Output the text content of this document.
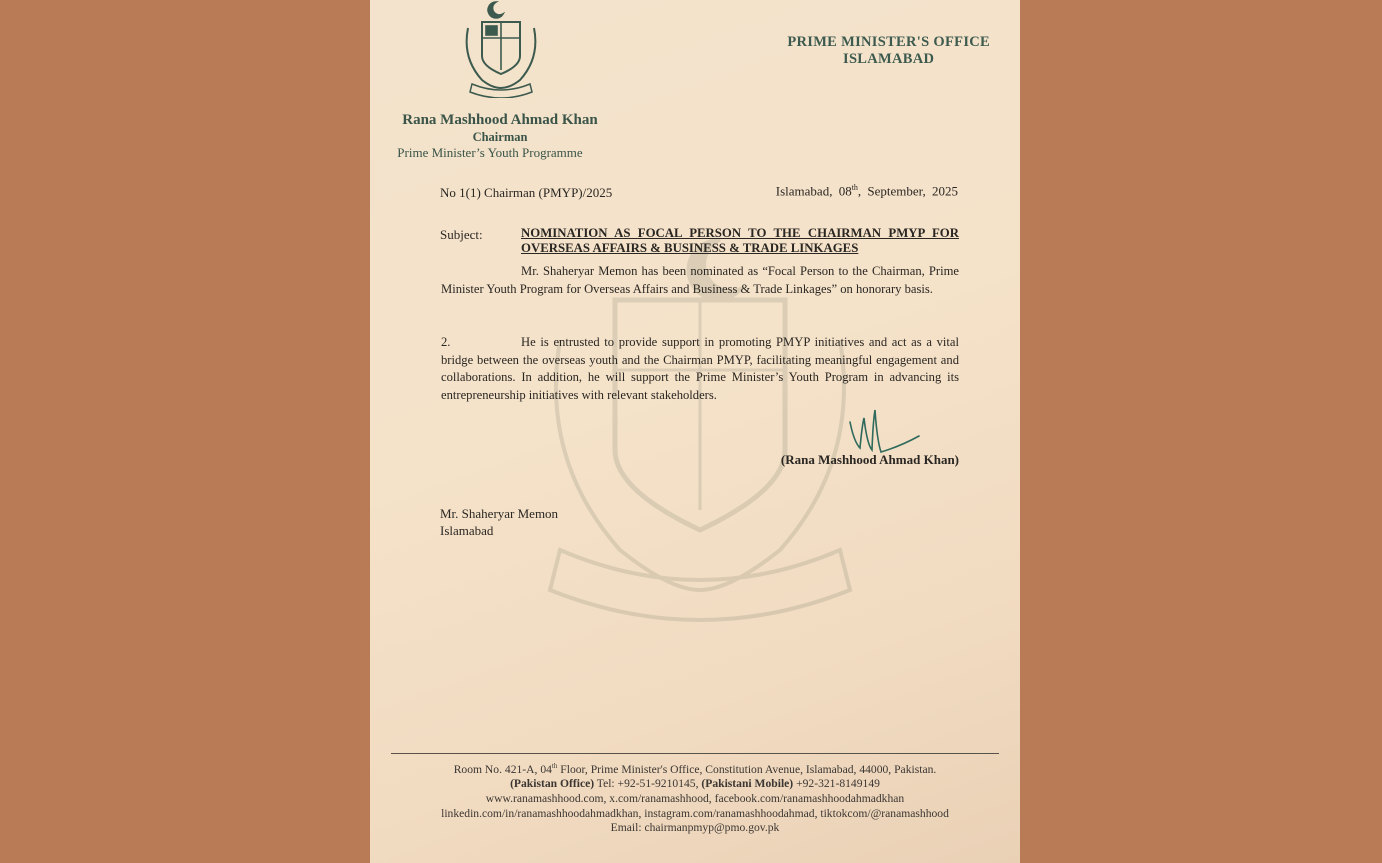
PRIME MINISTER'S OFFICE
ISLAMABAD
Rana Mashhood Ahmad Khan
Chairman
Prime Minister’s Youth Programme
No 1(1) Chairman (PMYP)/2025	Islamabad, 08th, September, 2025
Subject:	NOMINATION AS FOCAL PERSON TO THE CHAIRMAN PMYP FOR OVERSEAS AFFAIRS & BUSINESS & TRADE LINKAGES
Mr. Shaheryar Memon has been nominated as “Focal Person to the Chairman, Prime Minister Youth Program for Overseas Affairs and Business & Trade Linkages” on honorary basis.
2.	He is entrusted to provide support in promoting PMYP initiatives and act as a vital bridge between the overseas youth and the Chairman PMYP, facilitating meaningful engagement and collaborations. In addition, he will support the Prime Minister’s Youth Program in advancing its entrepreneurship initiatives with relevant stakeholders.
(Rana Mashhood Ahmad Khan)
Mr. Shaheryar Memon
Islamabad
Room No. 421-A, 04th Floor, Prime Minister's Office, Constitution Avenue, Islamabad, 44000, Pakistan.
(Pakistan Office) Tel: +92-51-9210145, (Pakistani Mobile) +92-321-8149149
www.ranamashhood.com, x.com/ranamashhood, facebook.com/ranamashhoodahmadkhan
linkedin.com/in/ranamashhoodahmadkhan, instagram.com/ranamashhoodahmad, tiktokcom/@ranamashhood
Email: chairmanpmyp@pmo.gov.pk
